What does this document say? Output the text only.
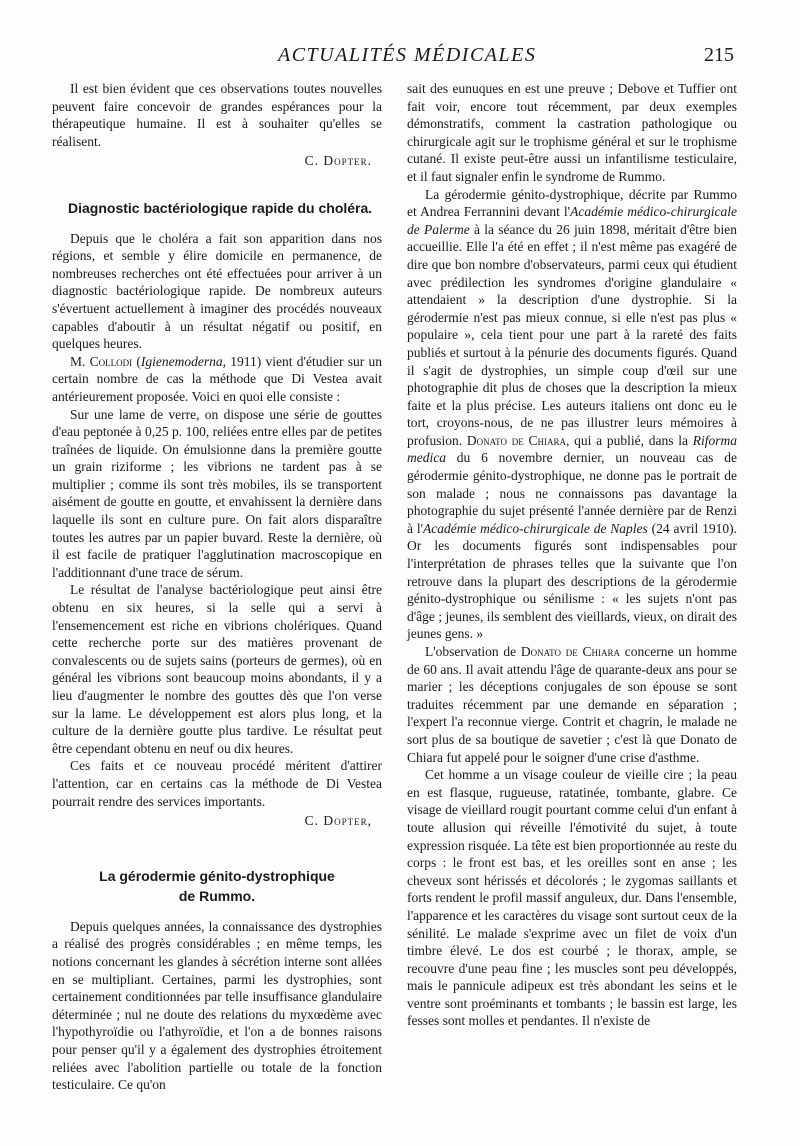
ACTUALITÉS MÉDICALES	215

Il est bien évident que ces observations toutes nouvelles peuvent faire concevoir de grandes espérances pour la thérapeutique humaine. Il est à souhaiter qu'elles se réalisent.

C. Dopter.
Diagnostic bactériologique rapide du choléra.

Depuis que le choléra a fait son apparition dans nos régions, et semble y élire domicile en permanence, de nombreuses recherches ont été effectuées pour arriver à un diagnostic bactériologique rapide. De nombreux auteurs s'évertuent actuellement à imaginer des procédés nouveaux capables d'aboutir à un résultat négatif ou positif, en quelques heures.

M. Collodi (Igienemoderna, 1911) vient d'étudier sur un certain nombre de cas la méthode que Di Vestea avait antérieurement proposée. Voici en quoi elle consiste :

Sur une lame de verre, on dispose une série de gouttes d'eau peptonée à 0,25 p. 100, reliées entre elles par de petites traînées de liquide. On émulsionne dans la première goutte un grain riziforme ; les vibrions ne tardent pas à se multiplier ; comme ils sont très mobiles, ils se transportent aisément de goutte en goutte, et envahissent la dernière dans laquelle ils sont en culture pure. On fait alors disparaître toutes les autres par un papier buvard. Reste la dernière, où il est facile de pratiquer l'agglutination macroscopique en l'additionnant d'une trace de sérum.

Le résultat de l'analyse bactériologique peut ainsi être obtenu en six heures, si la selle qui a servi à l'ensemencement est riche en vibrions cholériques. Quand cette recherche porte sur des matières provenant de convalescents ou de sujets sains (porteurs de germes), où en général les vibrions sont beaucoup moins abondants, il y a lieu d'augmenter le nombre des gouttes dès que l'on verse sur la lame. Le développement est alors plus long, et la culture de la dernière goutte plus tardive. Le résultat peut être cependant obtenu en neuf ou dix heures.

Ces faits et ce nouveau procédé méritent d'attirer l'attention, car en certains cas la méthode de Di Vestea pourrait rendre des services importants.

C. Dopter,
La gérodermie génito-dystrophique
de Rummo.

Depuis quelques années, la connaissance des dystrophies a réalisé des progrès considérables ; en même temps, les notions concernant les glandes à sécrétion interne sont allées en se multipliant. Certaines, parmi les dystrophies, sont certainement conditionnées par telle insuffisance glandulaire déterminée ; nul ne doute des relations du myxœdème avec l'hypothyroïdie ou l'athyroïdie, et l'on a de bonnes raisons pour penser qu'il y a également des dystrophies étroitement reliées avec l'abolition partielle ou totale de la fonction testiculaire. Ce qu'on

sait des eunuques en est une preuve ; Debove et Tuffier ont fait voir, encore tout récemment, par deux exemples démonstratifs, comment la castration pathologique ou chirurgicale agit sur le trophisme général et sur le trophisme cutané. Il existe peut-être aussi un infantilisme testiculaire, et il faut signaler enfin le syndrome de Rummo.

La gérodermie génito-dystrophique, décrite par Rummo et Andrea Ferrannini devant l'Académie médico-chirurgicale de Palerme à la séance du 26 juin 1898, méritait d'être bien accueillie. Elle l'a été en effet ; il n'est même pas exagéré de dire que bon nombre d'observateurs, parmi ceux qui étudient avec prédilection les syndromes d'origine glandulaire « attendaient » la description d'une dystrophie. Si la gérodermie n'est pas mieux connue, si elle n'est pas plus « populaire », cela tient pour une part à la rareté des faits publiés et surtout à la pénurie des documents figurés. Quand il s'agit de dystrophies, un simple coup d'œil sur une photographie dit plus de choses que la description la mieux faite et la plus précise. Les auteurs italiens ont donc eu le tort, croyons-nous, de ne pas illustrer leurs mémoires à profusion. Donato de Chiara, qui a publié, dans la Riforma medica du 6 novembre dernier, un nouveau cas de gérodermie génito-dystrophique, ne donne pas le portrait de son malade ; nous ne connaissons pas davantage la photographie du sujet présenté l'année dernière par de Renzi à l'Académie médico-chirurgicale de Naples (24 avril 1910). Or les documents figurés sont indispensables pour l'interprétation de phrases telles que la suivante que l'on retrouve dans la plupart des descriptions de la gérodermie génito-dystrophique ou sénilisme : « les sujets n'ont pas d'âge ; jeunes, ils semblent des vieillards, vieux, on dirait des jeunes gens. »

L'observation de Donato de Chiara concerne un homme de 60 ans. Il avait attendu l'âge de quarante-deux ans pour se marier ; les déceptions conjugales de son épouse se sont traduites récemment par une demande en séparation ; l'expert l'a reconnue vierge. Contrit et chagrin, le malade ne sort plus de sa boutique de savetier ; c'est là que Donato de Chiara fut appelé pour le soigner d'une crise d'asthme.

Cet homme a un visage couleur de vieille cire ; la peau en est flasque, rugueuse, ratatinée, tombante, glabre. Ce visage de vieillard rougit pourtant comme celui d'un enfant à toute allusion qui réveille l'émotivité du sujet, à toute expression risquée. La tête est bien proportionnée au reste du corps : le front est bas, et les oreilles sont en anse ; les cheveux sont hérissés et décolorés ; le zygomas saillants et forts rendent le profil massif anguleux, dur. Dans l'ensemble, l'apparence et les caractères du visage sont surtout ceux de la sénilité. Le malade s'exprime avec un filet de voix d'un timbre élevé. Le dos est courbé ; le thorax, ample, se recouvre d'une peau fine ; les muscles sont peu développés, mais le pannicule adipeux est très abondant les seins et le ventre sont proéminants et tombants ; le bassin est large, les fesses sont molles et pendantes. Il n'existe de
